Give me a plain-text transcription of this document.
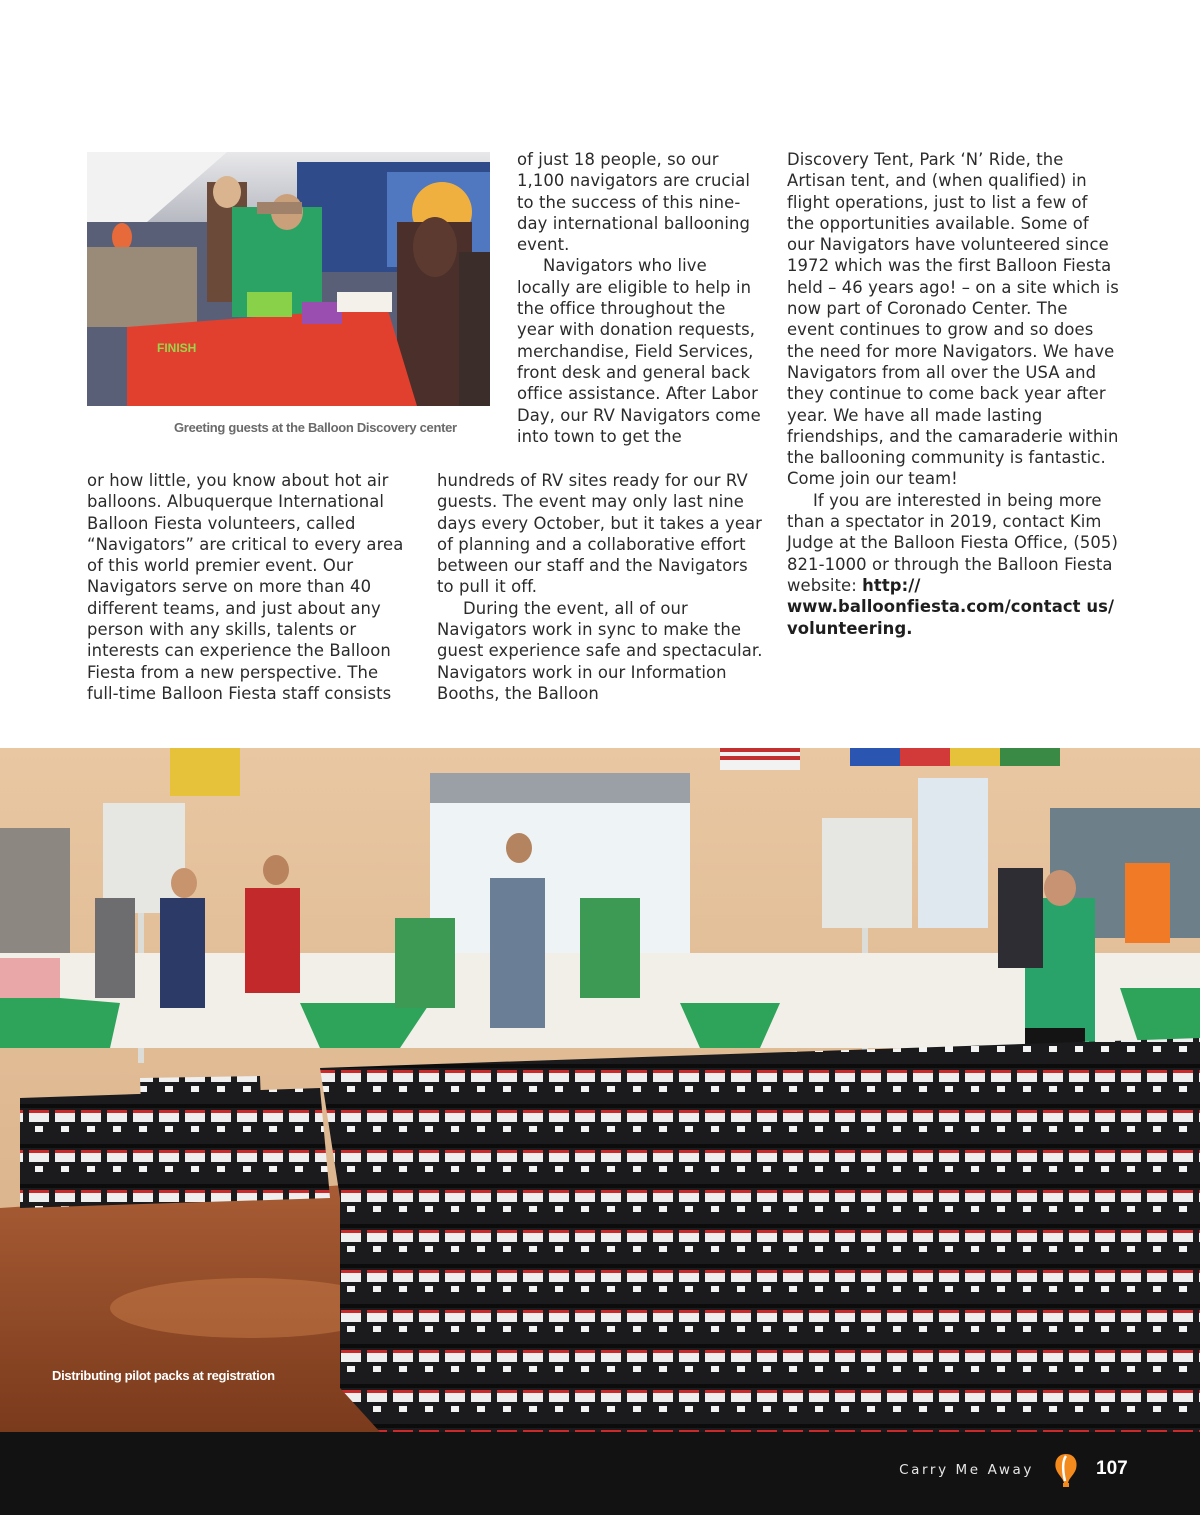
FINISH
Greeting guests at the Balloon Discovery center

or how little, you know about hot air balloons. Albuquerque International Balloon Fiesta volunteers, called “Navigators” are critical to every area of this world premier event. Our Navigators serve on more than 40 different teams, and just about any person with any skills, talents or interests can experience the Balloon Fiesta from a new perspective. The full-time Balloon Fiesta staff consists

of just 18 people, so our 1,100 navigators are crucial to the success of this nine-day international ballooning event.

Navigators who live locally are eligible to help in the office throughout the year with donation requests, merchandise, Field Services, front desk and general back office assistance. After Labor Day, our RV Navigators come into town to get the

hundreds of RV sites ready for our RV guests. The event may only last nine days every October, but it takes a year of planning and a collaborative effort between our staff and the Navigators to pull it off.

During the event, all of our Navigators work in sync to make the guest experience safe and spectacular. Navigators work in our Information Booths, the Balloon

Discovery Tent, Park ‘N’ Ride, the Artisan tent, and (when qualified) in flight operations, just to list a few of the opportunities available. Some of our Navigators have volunteered since 1972 which was the first Balloon Fiesta held – 46 years ago! – on a site which is now part of Coronado Center. The event continues to grow and so does the need for more Navigators. We have Navigators from all over the USA and they continue to come back year after year. We have all made lasting friendships, and the camaraderie within the ballooning community is fantastic. Come join our team!

If you are interested in being more than a spectator in 2019, contact Kim Judge at the Balloon Fiesta Office, (505) 821-1000 or through the Balloon Fiesta website: http:// www.balloonfiesta.com/contact us/ volunteering.

Distributing pilot packs at registration
Carry Me Away	107
